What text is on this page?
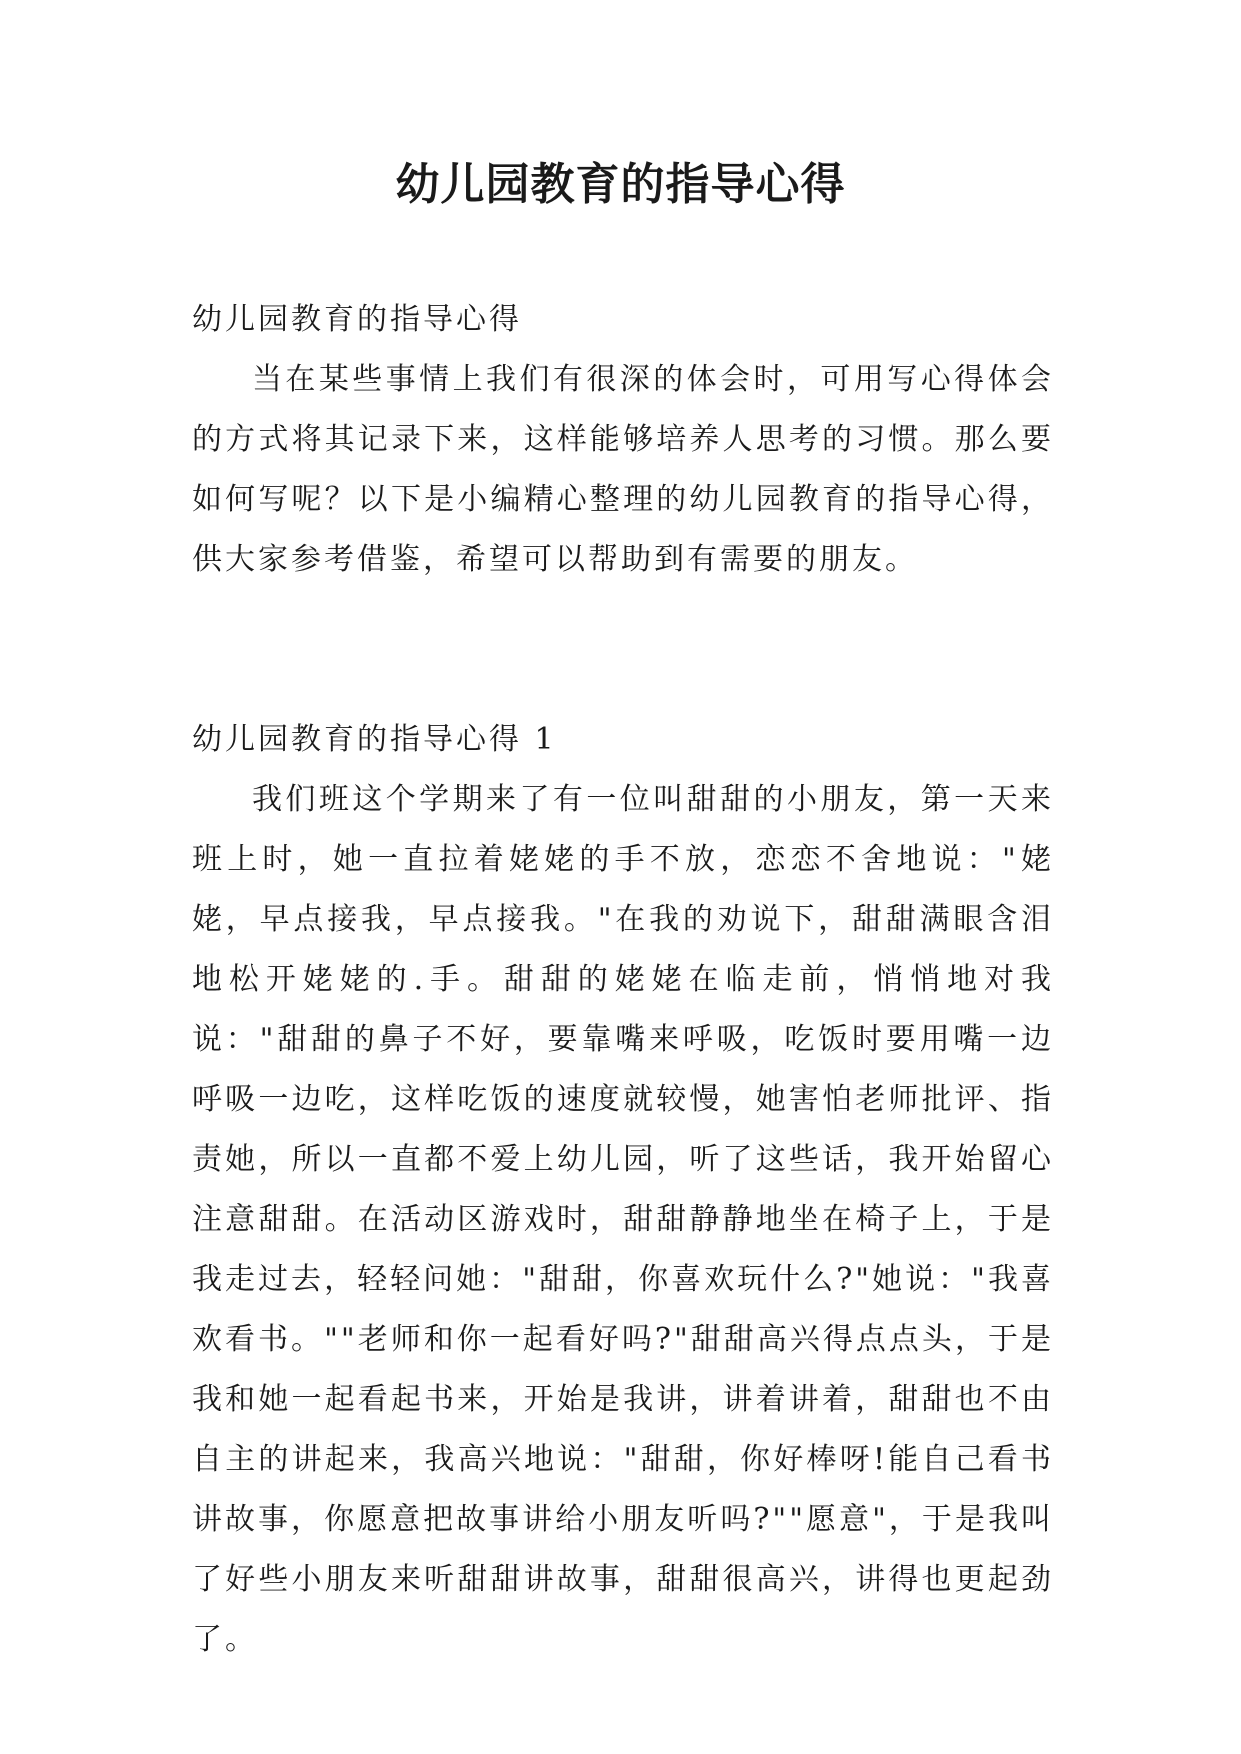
幼儿园教育的指导心得

幼儿园教育的指导心得

当在某些事情上我们有很深的体会时，可用写心得体会的方式将其记录下来，这样能够培养人思考的习惯。那么要如何写呢？以下是小编精心整理的幼儿园教育的指导心得，供大家参考借鉴，希望可以帮助到有需要的朋友。

幼儿园教育的指导心得 1

我们班这个学期来了有一位叫甜甜的小朋友，第一天来班上时，她一直拉着姥姥的手不放，恋恋不舍地说："姥姥，早点接我，早点接我。"在我的劝说下，甜甜满眼含泪地松开姥姥的.手。甜甜的姥姥在临走前，悄悄地对我说："甜甜的鼻子不好，要靠嘴来呼吸，吃饭时要用嘴一边呼吸一边吃，这样吃饭的速度就较慢，她害怕老师批评、指责她，所以一直都不爱上幼儿园，听了这些话，我开始留心注意甜甜。在活动区游戏时，甜甜静静地坐在椅子上，于是我走过去，轻轻问她："甜甜，你喜欢玩什么?"她说："我喜欢看书。""老师和你一起看好吗?"甜甜高兴得点点头，于是我和她一起看起书来，开始是我讲，讲着讲着，甜甜也不由自主的讲起来，我高兴地说："甜甜，你好棒呀!能自己看书讲故事，你愿意把故事讲给小朋友听吗?""愿意"，于是我叫了好些小朋友来听甜甜讲故事，甜甜很高兴，讲得也更起劲了。
